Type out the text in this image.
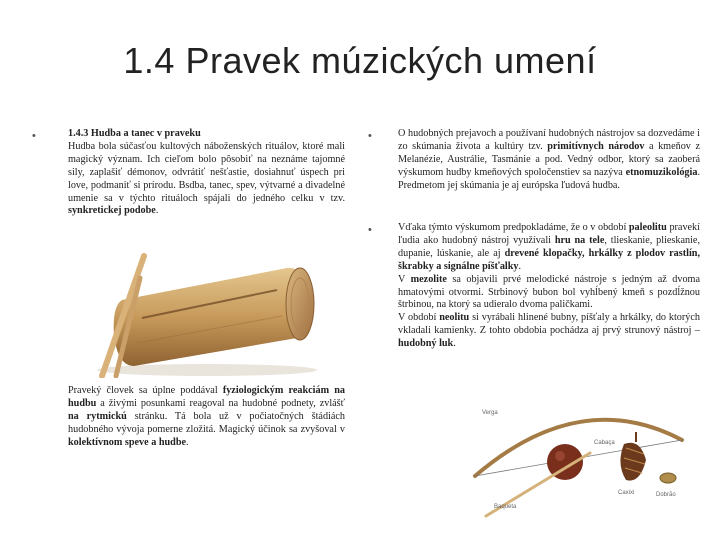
1.4 Pravek múzických umení
•	1.4.3 Hudba a tanec v praveku
Hudba bola súčasťou kultových náboženských rituálov, ktoré mali magický význam. Ich cieľom bolo pôsobiť na neznáme tajomné sily, zaplašiť démonov, odvrátiť nešťastie, dosiahnuť úspech pri love, podmaniť si prírodu. Bsdba, tanec, spev, výtvarné a divadelné umenie sa v týchto rituáloch spájali do jedného celku v tzv. synkretickej podobe.
Praveký človek sa úplne poddával fyziologickým reakciám na hudbu a živými posunkami reagoval na hudobné podnety, zvlášť na rytmickú stránku. Tá bola už v počiatočných štádiách hudobného vývoja pomerne zložitá. Magický účinok sa zvyšoval v kolektívnom speve a hudbe.
•	O hudobných prejavoch a používaní hudobných nástrojov sa dozvedáme i zo skúmania života a kultúry tzv. primitívnych národov a kmeňov z Melanézie, Austrálie, Tasmánie a pod. Vedný odbor, ktorý sa zaoberá výskumom hudby kmeňových spoločenstiev sa nazýva etnomuzikológia. Predmetom jej skúmania je aj európska ľudová hudba.
•	Vďaka týmto výskumom predpokladáme, že o v období paleolitu pravekí ľudia ako hudobný nástroj využívali hru na tele, tlieskanie, plieskanie, dupanie, lúskanie, ale aj drevené klopačky, hrkálky z plodov rastlín, škrabky a signálne píšťalky.
V mezolite sa objavili prvé melodické nástroje s jedným až dvoma hmatovými otvormi. Strbinový bubon bol vyhĺbený kmeň s pozdĺžnou štrbinou, na ktorý sa udieralo dvoma paličkami.
V období neolitu si vyrábali hlinené bubny, píšťaly a hrkálky, do ktorých vkladali kamienky. Z tohto obdobia pochádza aj prvý strunový nástroj – hudobný luk.
Verga
Cabaça
Baqueta
Caxixi	Dobrão
